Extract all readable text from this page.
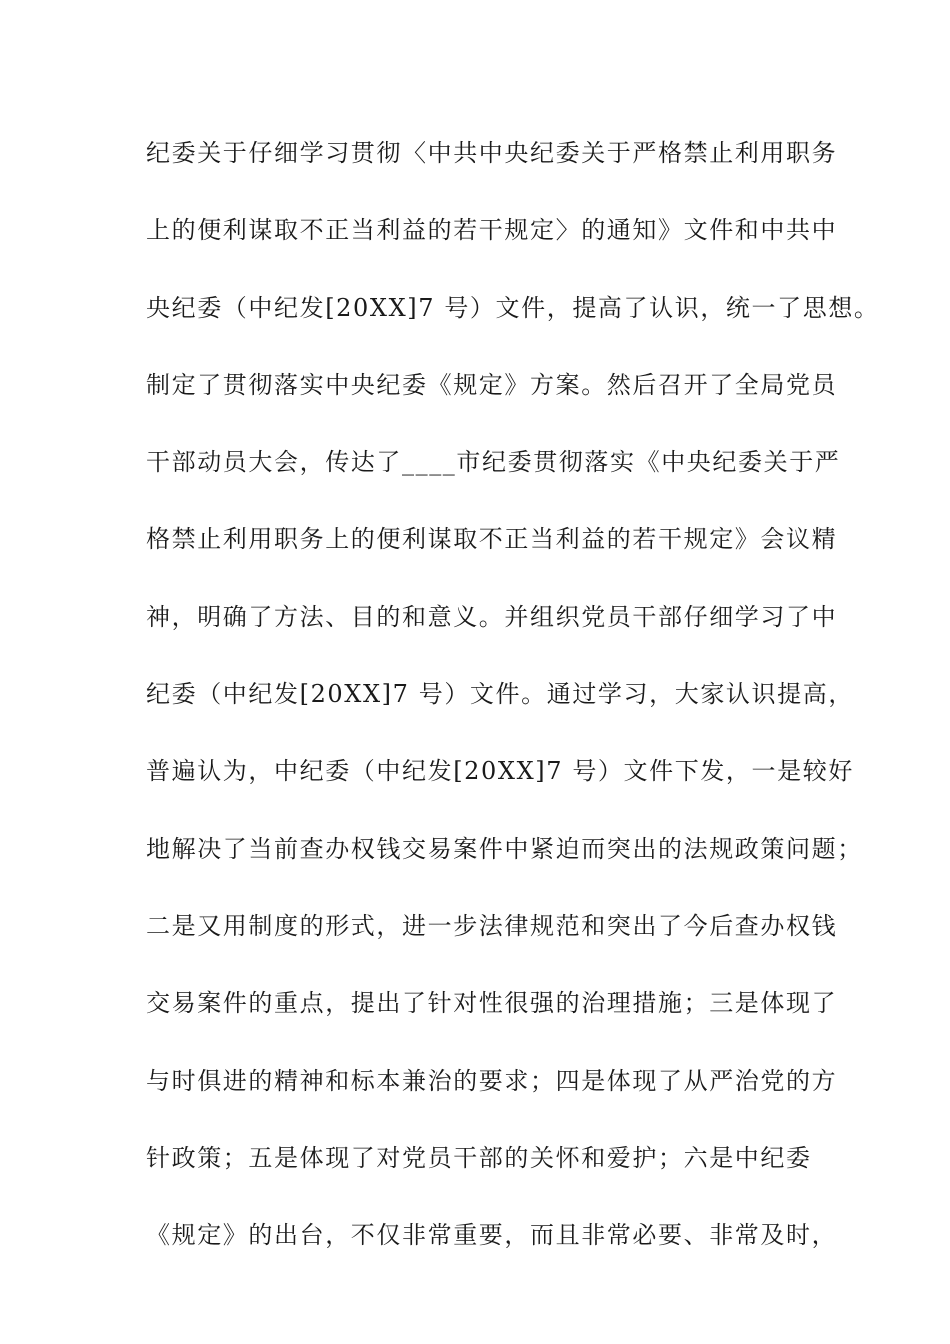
纪委关于仔细学习贯彻〈中共中央纪委关于严格禁止利用职务
上的便利谋取不正当利益的若干规定〉的通知》文件和中共中
央纪委（中纪发[20XX]7 号）文件，提高了认识，统一了思想。
制定了贯彻落实中央纪委《规定》方案。然后召开了全局党员
干部动员大会，传达了____市纪委贯彻落实《中央纪委关于严
格禁止利用职务上的便利谋取不正当利益的若干规定》会议精
神，明确了方法、目的和意义。并组织党员干部仔细学习了中
纪委（中纪发[20XX]7 号）文件。通过学习，大家认识提高，
普遍认为，中纪委（中纪发[20XX]7 号）文件下发，一是较好
地解决了当前查办权钱交易案件中紧迫而突出的法规政策问题；
二是又用制度的形式，进一步法律规范和突出了今后查办权钱
交易案件的重点，提出了针对性很强的治理措施；三是体现了
与时俱进的精神和标本兼治的要求；四是体现了从严治党的方
针政策；五是体现了对党员干部的关怀和爱护；六是中纪委
《规定》的出台，不仅非常重要，而且非常必要、非常及时，
